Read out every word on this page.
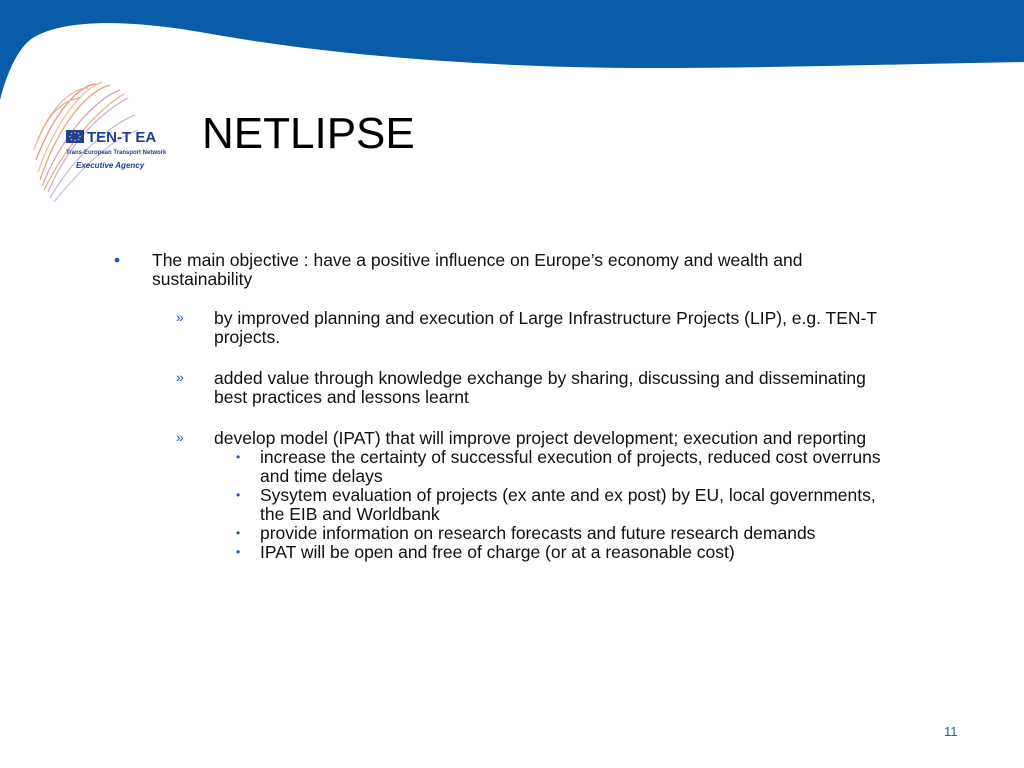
TEN-T EA
Trans-European Transport Network
Executive Agency
NETLIPSE
• The main objective : have a positive influence on Europe’s economy and wealth and
sustainability
» by improved planning and execution of Large Infrastructure Projects (LIP), e.g. TEN-T
projects.
» added value through knowledge exchange by sharing, discussing and disseminating
best practices and lessons learnt
» develop model (IPAT) that will improve project development; execution and reporting
• increase the certainty of successful execution of projects, reduced cost overruns
and time delays
• Sysytem evaluation of projects (ex ante and ex post) by EU, local governments,
the EIB and Worldbank
• provide information on research forecasts and future research demands
• IPAT will be open and free of charge (or at a reasonable cost)
11
